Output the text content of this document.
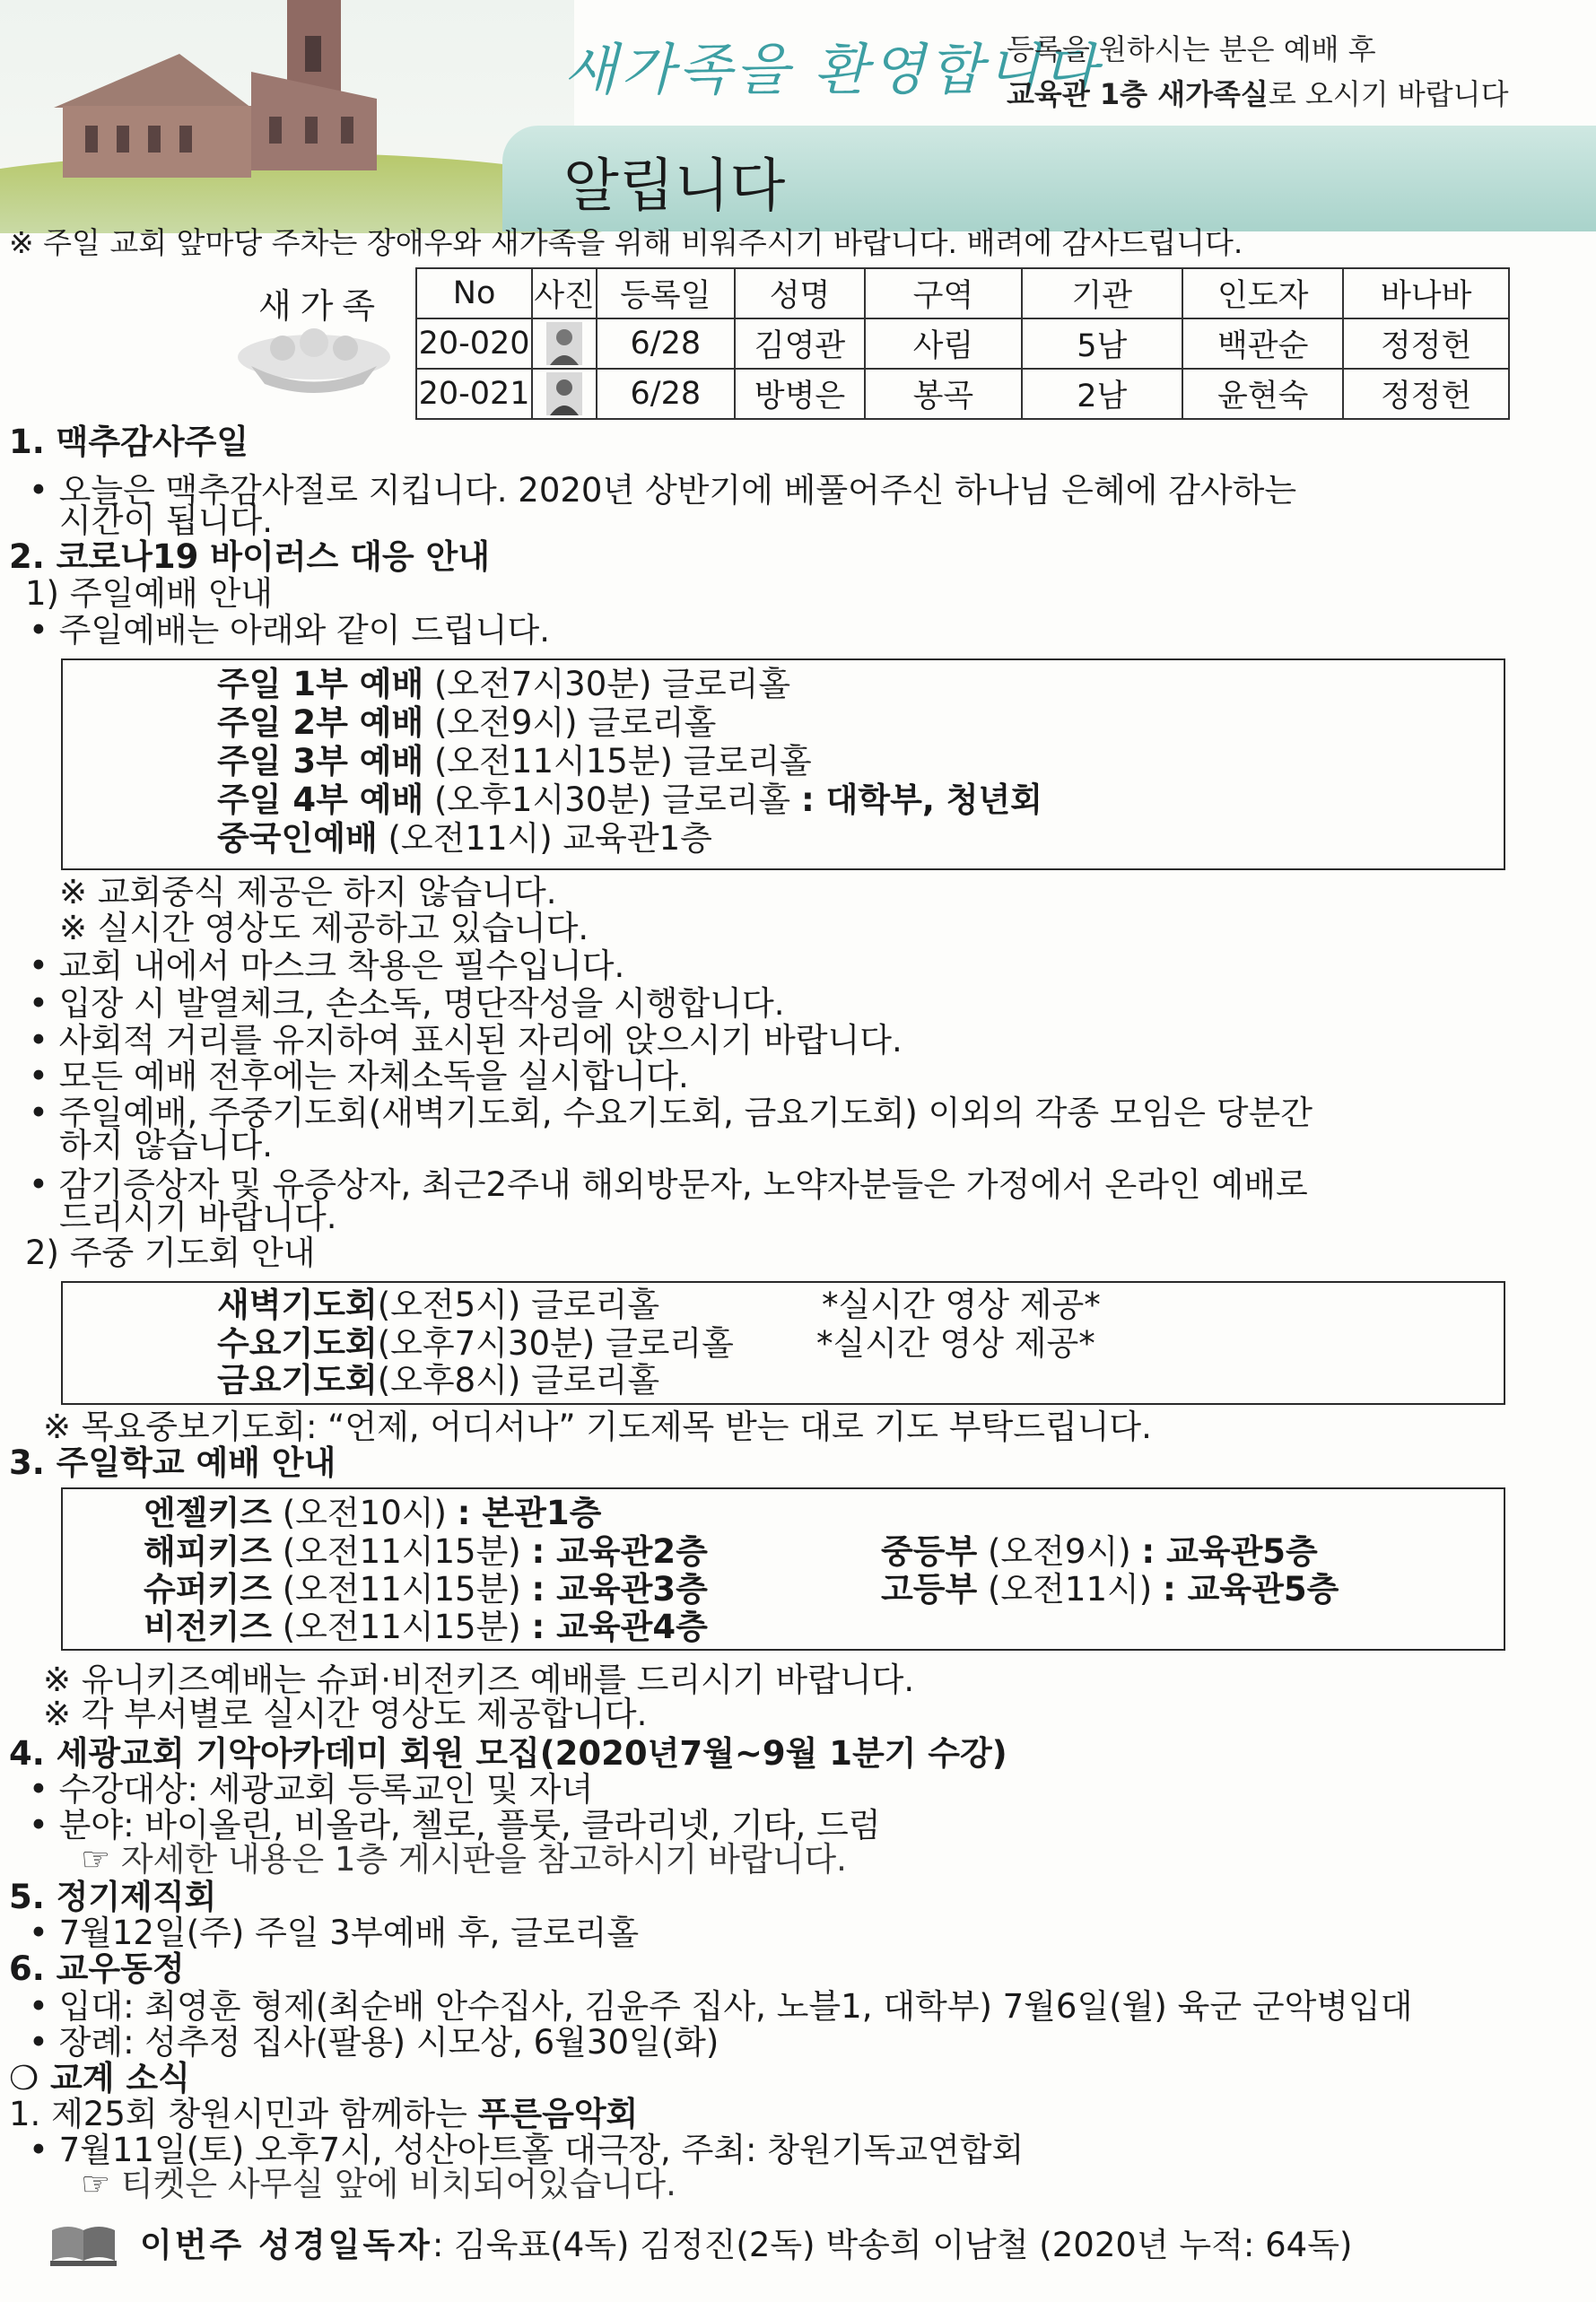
새가족을 환영합니다
등록을 원하시는 분은 예배 후
교육관 1층 새가족실로 오시기 바랍니다
알립니다
※ 주일 교회 앞마당 주차는 장애우와 새가족을 위해 비워주시기 바랍니다. 배려에 감사드립니다.
새가족 No	사진	등록일	성명	구역	기관	인도자	바나바
20-020		6/28	김영관	사림	5남	백관순	정정헌
20-021		6/28	방병은	봉곡	2남	윤현숙	정정헌
1. 맥추감사주일
• 오늘은 맥추감사절로 지킵니다. 2020년 상반기에 베풀어주신 하나님 은혜에 감사하는
시간이 됩니다.
2. 코로나19 바이러스 대응 안내
1) 주일예배 안내
• 주일예배는 아래와 같이 드립니다.
주일 1부 예배 (오전7시30분) 글로리홀
주일 2부 예배 (오전9시) 글로리홀
주일 3부 예배 (오전11시15분) 글로리홀
주일 4부 예배 (오후1시30분) 글로리홀 : 대학부, 청년회
중국인예배 (오전11시) 교육관1층
※ 교회중식 제공은 하지 않습니다.
※ 실시간 영상도 제공하고 있습니다.
• 교회 내에서 마스크 착용은 필수입니다.
• 입장 시 발열체크, 손소독, 명단작성을 시행합니다.
• 사회적 거리를 유지하여 표시된 자리에 앉으시기 바랍니다.
• 모든 예배 전후에는 자체소독을 실시합니다.
• 주일예배, 주중기도회(새벽기도회, 수요기도회, 금요기도회) 이외의 각종 모임은 당분간
하지 않습니다.
• 감기증상자 및 유증상자, 최근2주내 해외방문자, 노약자분들은 가정에서 온라인 예배로
드리시기 바랍니다.
2) 주중 기도회 안내
새벽기도회(오전5시) 글로리홀	*실시간 영상 제공*
수요기도회(오후7시30분) 글로리홀 *실시간 영상 제공*
금요기도회(오후8시) 글로리홀
※ 목요중보기도회: “언제, 어디서나” 기도제목 받는 대로 기도 부탁드립니다.
3. 주일학교 예배 안내
엔젤키즈 (오전10시) : 본관1층
해피키즈 (오전11시15분) : 교육관2층
슈퍼키즈 (오전11시15분) : 교육관3층
비전키즈 (오전11시15분) : 교육관4층
중등부 (오전9시) : 교육관5층
고등부 (오전11시) : 교육관5층
※ 유니키즈예배는 슈퍼·비전키즈 예배를 드리시기 바랍니다.
※ 각 부서별로 실시간 영상도 제공합니다.
4. 세광교회 기악아카데미 회원 모집(2020년7월~9월 1분기 수강)
• 수강대상: 세광교회 등록교인 및 자녀
• 분야: 바이올린, 비올라, 첼로, 플룻, 클라리넷, 기타, 드럼
☞ 자세한 내용은 1층 게시판을 참고하시기 바랍니다.
5. 정기제직회
• 7월12일(주) 주일 3부예배 후, 글로리홀
6. 교우동정
• 입대: 최영훈 형제(최순배 안수집사, 김윤주 집사, 노블1, 대학부) 7월6일(월) 육군 군악병입대
• 장례: 성추정 집사(팔용) 시모상, 6월30일(화)
❍ 교계 소식
1. 제25회 창원시민과 함께하는 푸른음악회
• 7월11일(토) 오후7시, 성산아트홀 대극장, 주최: 창원기독교연합회
☞ 티켓은 사무실 앞에 비치되어있습니다.
이번주 성경일독자: 김욱표(4독) 김정진(2독) 박송희 이남철 (2020년 누적: 64독)
